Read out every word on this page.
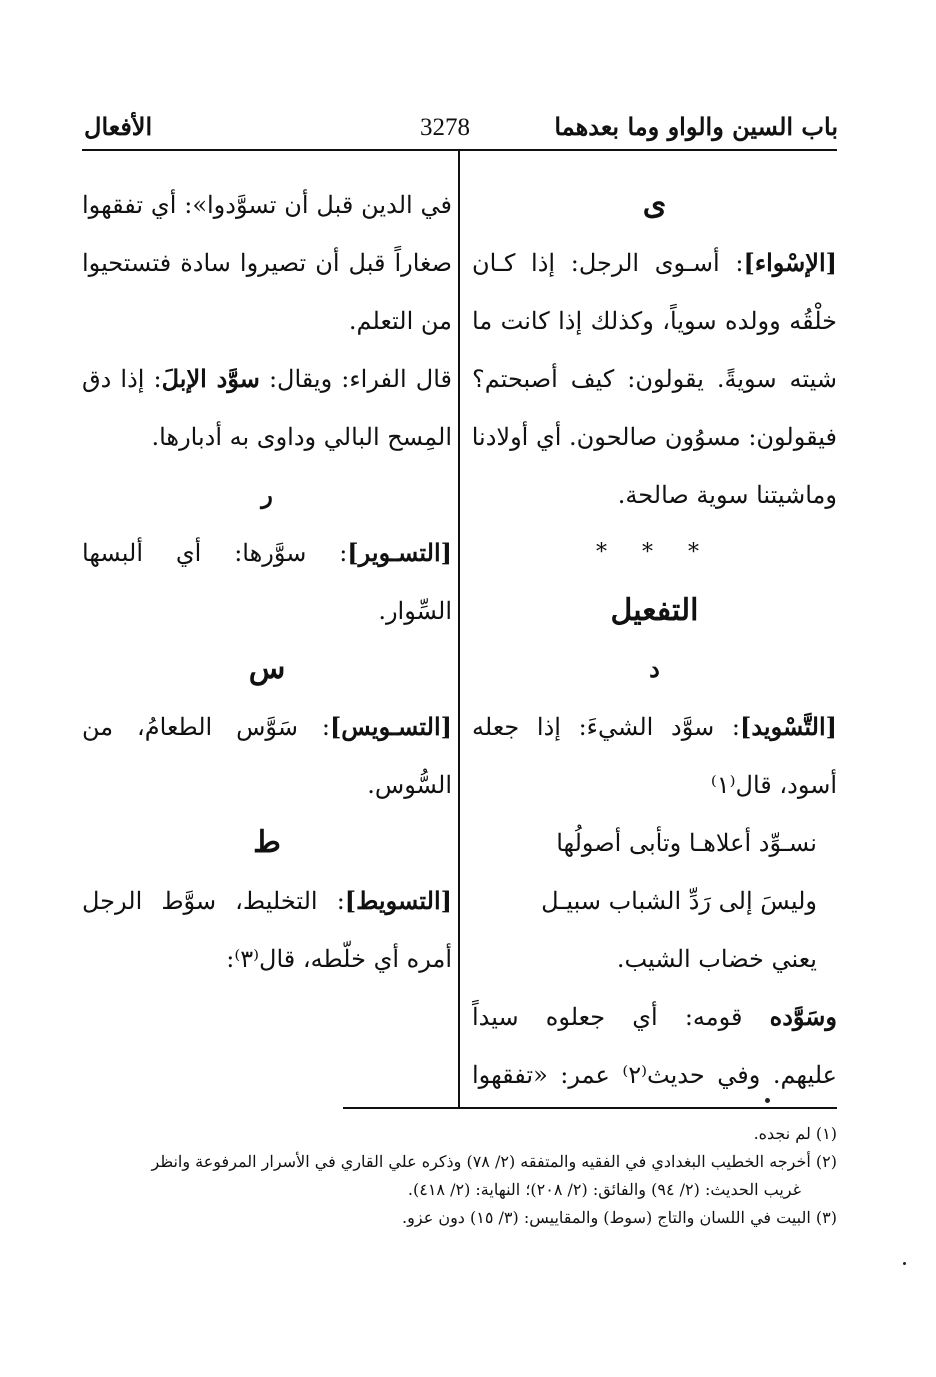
باب السين والواو وما بعدهما
3278
الأفعال
ى
[الإسْواء]: أسـوى الرجل: إذا كـان
خلْقُه وولده سوياً، وكذلك إذا كانت ما
شيته سويةً. يقولون: كيف أصبحتم؟
فيقولون: مسوُون صالحون. أي أولادنا
وماشيتنا سوية صالحة.
* * *
التفعيل
د
[التَّسْويد]: سوَّد الشيءَ: إذا جعله
أسود، قال⁽١⁾
نسـوِّد أعلاهـا وتأبى أصولُها
وليسَ إلى رَدِّ الشباب سبيـل
يعني خضاب الشيب.
وسَوَّده قومه: أي جعلوه سيداً
عليهم. وفي حديث⁽٢⁾ عمر: «تفقهوا
في الدين قبل أن تسوَّدوا»: أي تفقهوا
صغاراً قبل أن تصيروا سادة فتستحيوا
من التعلم.
قال الفراء: ويقال: سوَّد الإبلَ: إذا دق
المِسح البالي وداوى به أدبارها.
ر
[التسـوير]: سوَّرها: أي ألبسها
السِّوار.
س
[التسـويس]: سَوَّس الطعامُ، من
السُّوس.
ط
[التسويط]: التخليط، سوَّط الرجل
أمره أي خلّطه، قال⁽٣⁾:
(١) لم نجده.
(٢) أخرجه الخطيب البغدادي في الفقيه والمتفقه (٢/ ٧٨) وذكره علي القاري في الأسرار المرفوعة وانظر
غريب الحديث: (٢/ ٩٤) والفائق: (٢/ ٢٠٨)؛ النهاية: (٢/ ٤١٨).
(٣) البيت في اللسان والتاج (سوط) والمقاييس: (٣/ ١٥) دون عزو.
